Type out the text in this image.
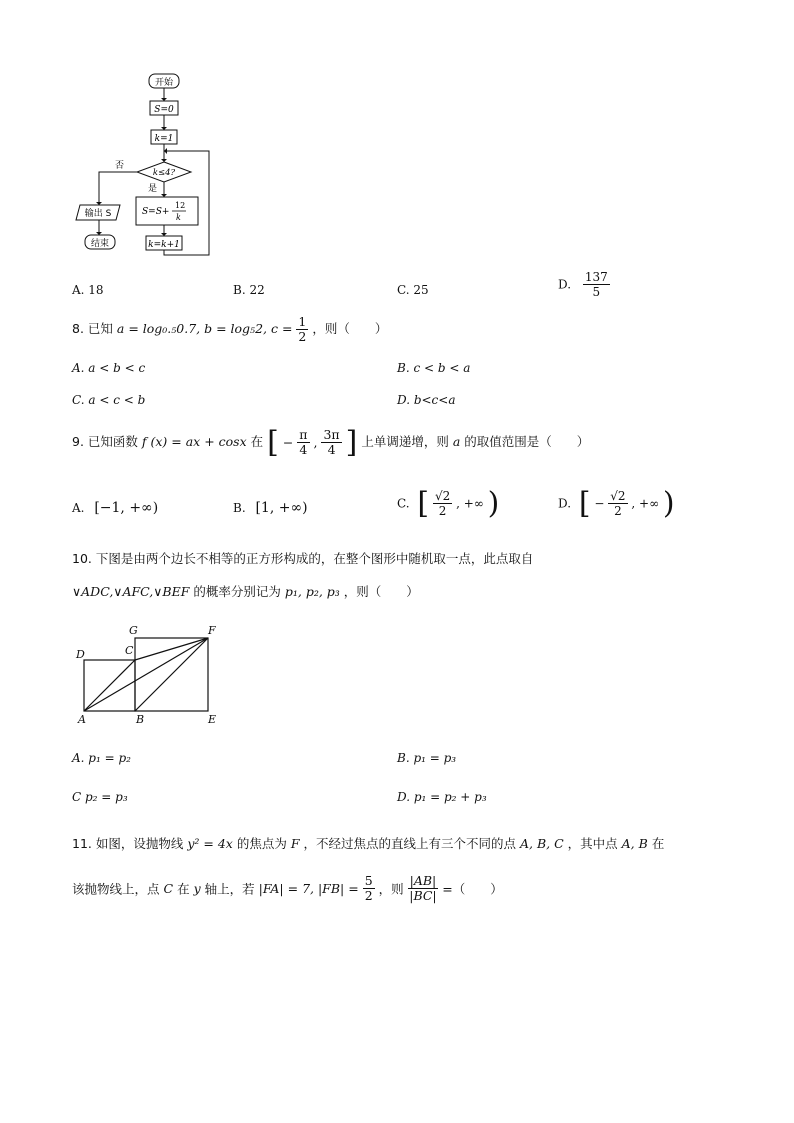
开始
S=0
k=1
k≤4?
否
是
S=S+
12
k
k=k+1
输出 S
结束
A. 18	B. 22	C. 25	D. $\frac{137}{5}$
8. 已知 a = log₀.₅0.7, b = log₅2, $c = \frac{1}{2}$ ，则（　　）
A. a < b < c	B. c < b < a
C. a < c < b	D. b<c<a
9. 已知函数 f (x) = ax + cosx 在 [ − $\frac{\pi}{4}$ , $\frac{3\pi}{4}$ ] 上单调递增，则 a 的取值范围是（　　）
A. [−1, +∞)	B. [1, +∞)	C. [ $\frac{√2}{2}$ , +∞ )	D. [ − $\frac{√2}{2}$ , +∞ )
10. 下图是由两个边长不相等的正方形构成的，在整个图形中随机取一点，此点取自
∨ADC,∨AFC,∨BEF 的概率分别记为 p₁, p₂, p₃ ，则（　　）
G	F
D	C
A	B	E
A. p₁ = p₂	B. p₁ = p₃
C p₂ = p₃	D. p₁ = p₂ + p₃
11. 如图，设抛物线 y² = 4x 的焦点为 F ，不经过焦点的直线上有三个不同的点 A, B, C ，其中点 A, B 在
该抛物线上，点 C 在 y 轴上，若 |FA| = 7, $|FB| = \frac{5}{2}$ ，则 $\frac{|AB|}{|BC|}$ =（　　）
